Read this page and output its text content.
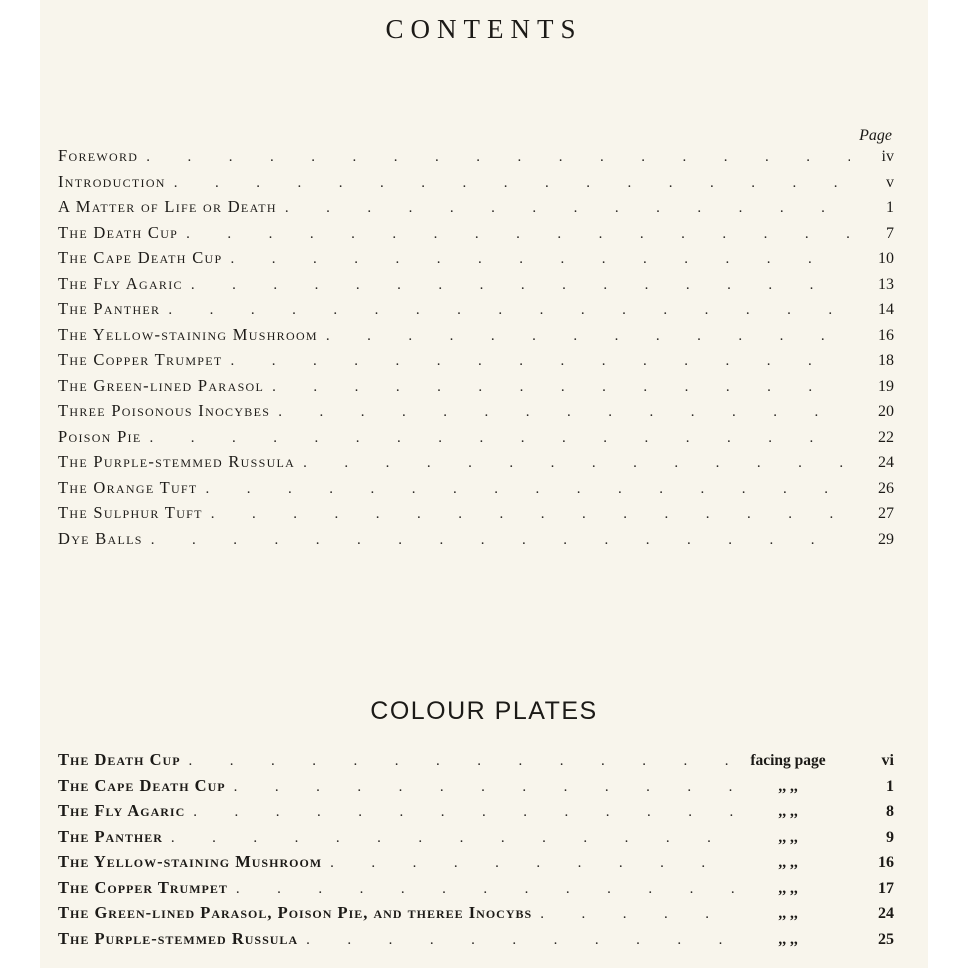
CONTENTS
Page
Foreword .	iv
Introduction .	v
A Matter of Life or Death .	1
The Death Cup .	7
The Cape Death Cup .	10
The Fly Agaric .	13
The Panther .	14
The Yellow-staining Mushroom .	16
The Copper Trumpet .	18
The Green-lined Parasol .	19
Three Poisonous Inocybes .	20
Poison Pie .	22
The Purple-stemmed Russula .	24
The Orange Tuft .	26
The Sulphur Tuft .	27
Dye Balls .	29
COLOUR PLATES
The Death Cup .	facing page	vi
The Cape Death Cup .	,, ,,	1
The Fly Agaric .	,, ,,	8
The Panther .	,, ,,	9
The Yellow-staining Mushroom .	,, ,,	16
The Copper Trumpet .	,, ,,	17
The Green-lined Parasol, Poison Pie, and theree Inocybs .	,, ,,	24
The Purple-stemmed Russula .	,, ,,	25
